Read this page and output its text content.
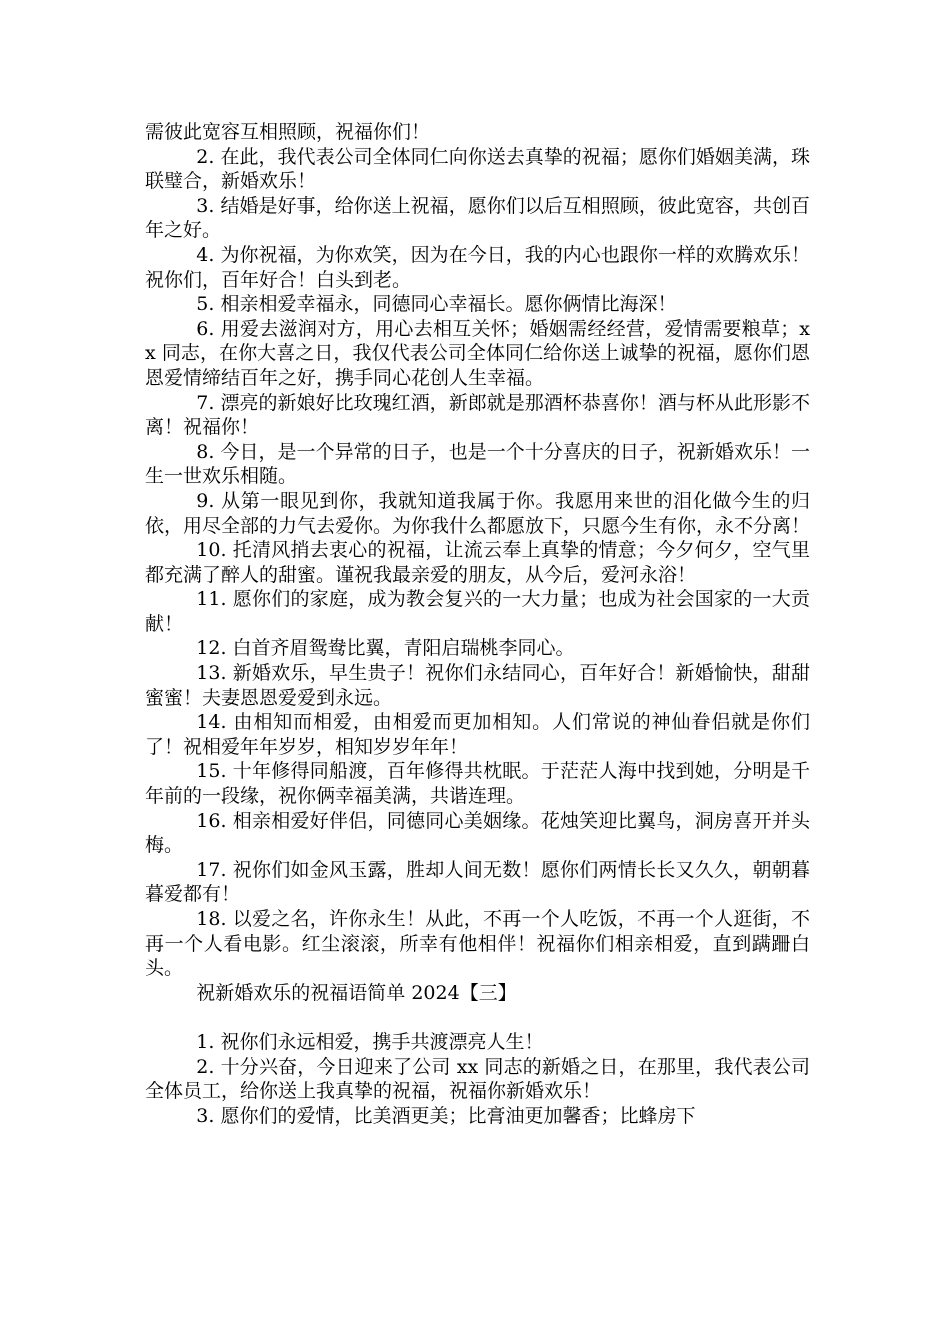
需彼此宽容互相照顾，祝福你们！

2. 在此，我代表公司全体同仁向你送去真挚的祝福；愿你们婚姻美满，珠联璧合，新婚欢乐！

3. 结婚是好事，给你送上祝福，愿你们以后互相照顾，彼此宽容，共创百年之好。

4. 为你祝福，为你欢笑，因为在今日，我的内心也跟你一样的欢腾欢乐！祝你们，百年好合！白头到老。

5. 相亲相爱幸福永，同德同心幸福长。愿你俩情比海深！

6. 用爱去滋润对方，用心去相互关怀；婚姻需经经营，爱情需要粮草；xx 同志，在你大喜之日，我仅代表公司全体同仁给你送上诚挚的祝福，愿你们恩恩爱情缔结百年之好，携手同心花创人生幸福。

7. 漂亮的新娘好比玫瑰红酒，新郎就是那酒杯恭喜你！酒与杯从此形影不离！祝福你！

8. 今日，是一个异常的日子，也是一个十分喜庆的日子，祝新婚欢乐！一生一世欢乐相随。

9. 从第一眼见到你，我就知道我属于你。我愿用来世的泪化做今生的归依，用尽全部的力气去爱你。为你我什么都愿放下，只愿今生有你，永不分离！

10. 托清风捎去衷心的祝福，让流云奉上真挚的情意；今夕何夕，空气里都充满了醉人的甜蜜。谨祝我最亲爱的朋友，从今后，爱河永浴！

11. 愿你们的家庭，成为教会复兴的一大力量；也成为社会国家的一大贡献！

12. 白首齐眉鸳鸯比翼，青阳启瑞桃李同心。

13. 新婚欢乐，早生贵子！祝你们永结同心，百年好合！新婚愉快，甜甜蜜蜜！夫妻恩恩爱爱到永远。

14. 由相知而相爱，由相爱而更加相知。人们常说的神仙眷侣就是你们了！祝相爱年年岁岁，相知岁岁年年！

15. 十年修得同船渡，百年修得共枕眠。于茫茫人海中找到她，分明是千年前的一段缘，祝你俩幸福美满，共谐连理。

16. 相亲相爱好伴侣，同德同心美姻缘。花烛笑迎比翼鸟，洞房喜开并头梅。

17. 祝你们如金风玉露，胜却人间无数！愿你们两情长长又久久，朝朝暮暮爱都有！

18. 以爱之名，许你永生！从此，不再一个人吃饭，不再一个人逛街，不再一个人看电影。红尘滚滚，所幸有他相伴！祝福你们相亲相爱，直到蹒跚白头。

祝新婚欢乐的祝福语简单 2024【三】

1. 祝你们永远相爱，携手共渡漂亮人生！

2. 十分兴奋，今日迎来了公司 xx 同志的新婚之日，在那里，我代表公司全体员工，给你送上我真挚的祝福，祝福你新婚欢乐！

3. 愿你们的爱情，比美酒更美；比膏油更加馨香；比蜂房下
